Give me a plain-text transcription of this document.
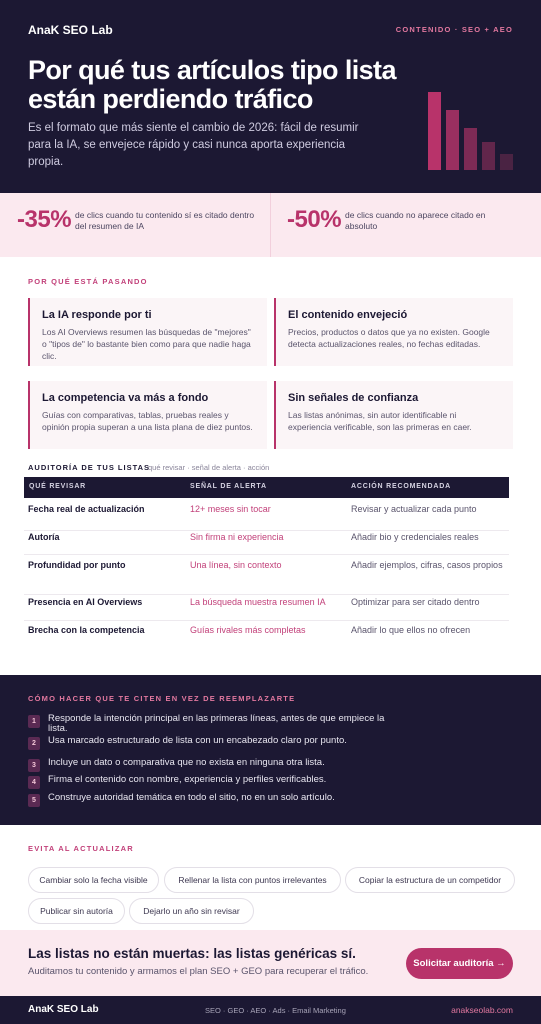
AnaK SEO Lab	CONTENIDO · SEO + AEO
Por qué tus artículos tipo lista están perdiendo tráfico
Es el formato que más siente el cambio de 2026: fácil de resumir para la IA, se envejece rápido y casi nunca aporta experiencia propia.
-35% de clics cuando tu contenido sí es citado dentro del resumen de IA	-50% de clics cuando no aparece citado en absoluto
POR QUÉ ESTÁ PASANDO
La IA responde por ti
Los AI Overviews resumen las búsquedas de "mejores" o "tipos de" lo bastante bien como para que nadie haga clic.
El contenido envejeció
Precios, productos o datos que ya no existen. Google detecta actualizaciones reales, no fechas editadas.
La competencia va más a fondo
Guías con comparativas, tablas, pruebas reales y opinión propia superan a una lista plana de diez puntos.
Sin señales de confianza
Las listas anónimas, sin autor identificable ni experiencia verificable, son las primeras en caer.
AUDITORÍA DE TUS LISTAS
qué revisar · señal de alerta · acción
QUÉ REVISAR	SEÑAL DE ALERTA	ACCIÓN RECOMENDADA
Fecha real de actualización	12+ meses sin tocar	Revisar y actualizar cada punto
Autoría	Sin firma ni experiencia	Añadir bio y credenciales reales
Profundidad por punto	Una línea, sin contexto	Añadir ejemplos, cifras, casos propios
Presencia en AI Overviews	La búsqueda muestra resumen IA	Optimizar para ser citado dentro
Brecha con la competencia	Guías rivales más completas	Añadir lo que ellos no ofrecen
CÓMO HACER QUE TE CITEN EN VEZ DE REEMPLAZARTE
1	Responde la intención principal en las primeras líneas, antes de que empiece la lista.
2	Usa marcado estructurado de lista con un encabezado claro por punto.
3	Incluye un dato o comparativa que no exista en ninguna otra lista.
4	Firma el contenido con nombre, experiencia y perfiles verificables.
5	Construye autoridad temática en todo el sitio, no en un solo artículo.
EVITA AL ACTUALIZAR
Cambiar solo la fecha visible	Rellenar la lista con puntos irrelevantes	Copiar la estructura de un competidor
Publicar sin autoría	Dejarlo un año sin revisar
Las listas no están muertas: las listas genéricas sí.
Auditamos tu contenido y armamos el plan SEO + GEO para recuperar el tráfico.
Solicitar auditoría →
AnaK SEO Lab	SEO · GEO · AEO · Ads · Email Marketing	anakseolab.com
